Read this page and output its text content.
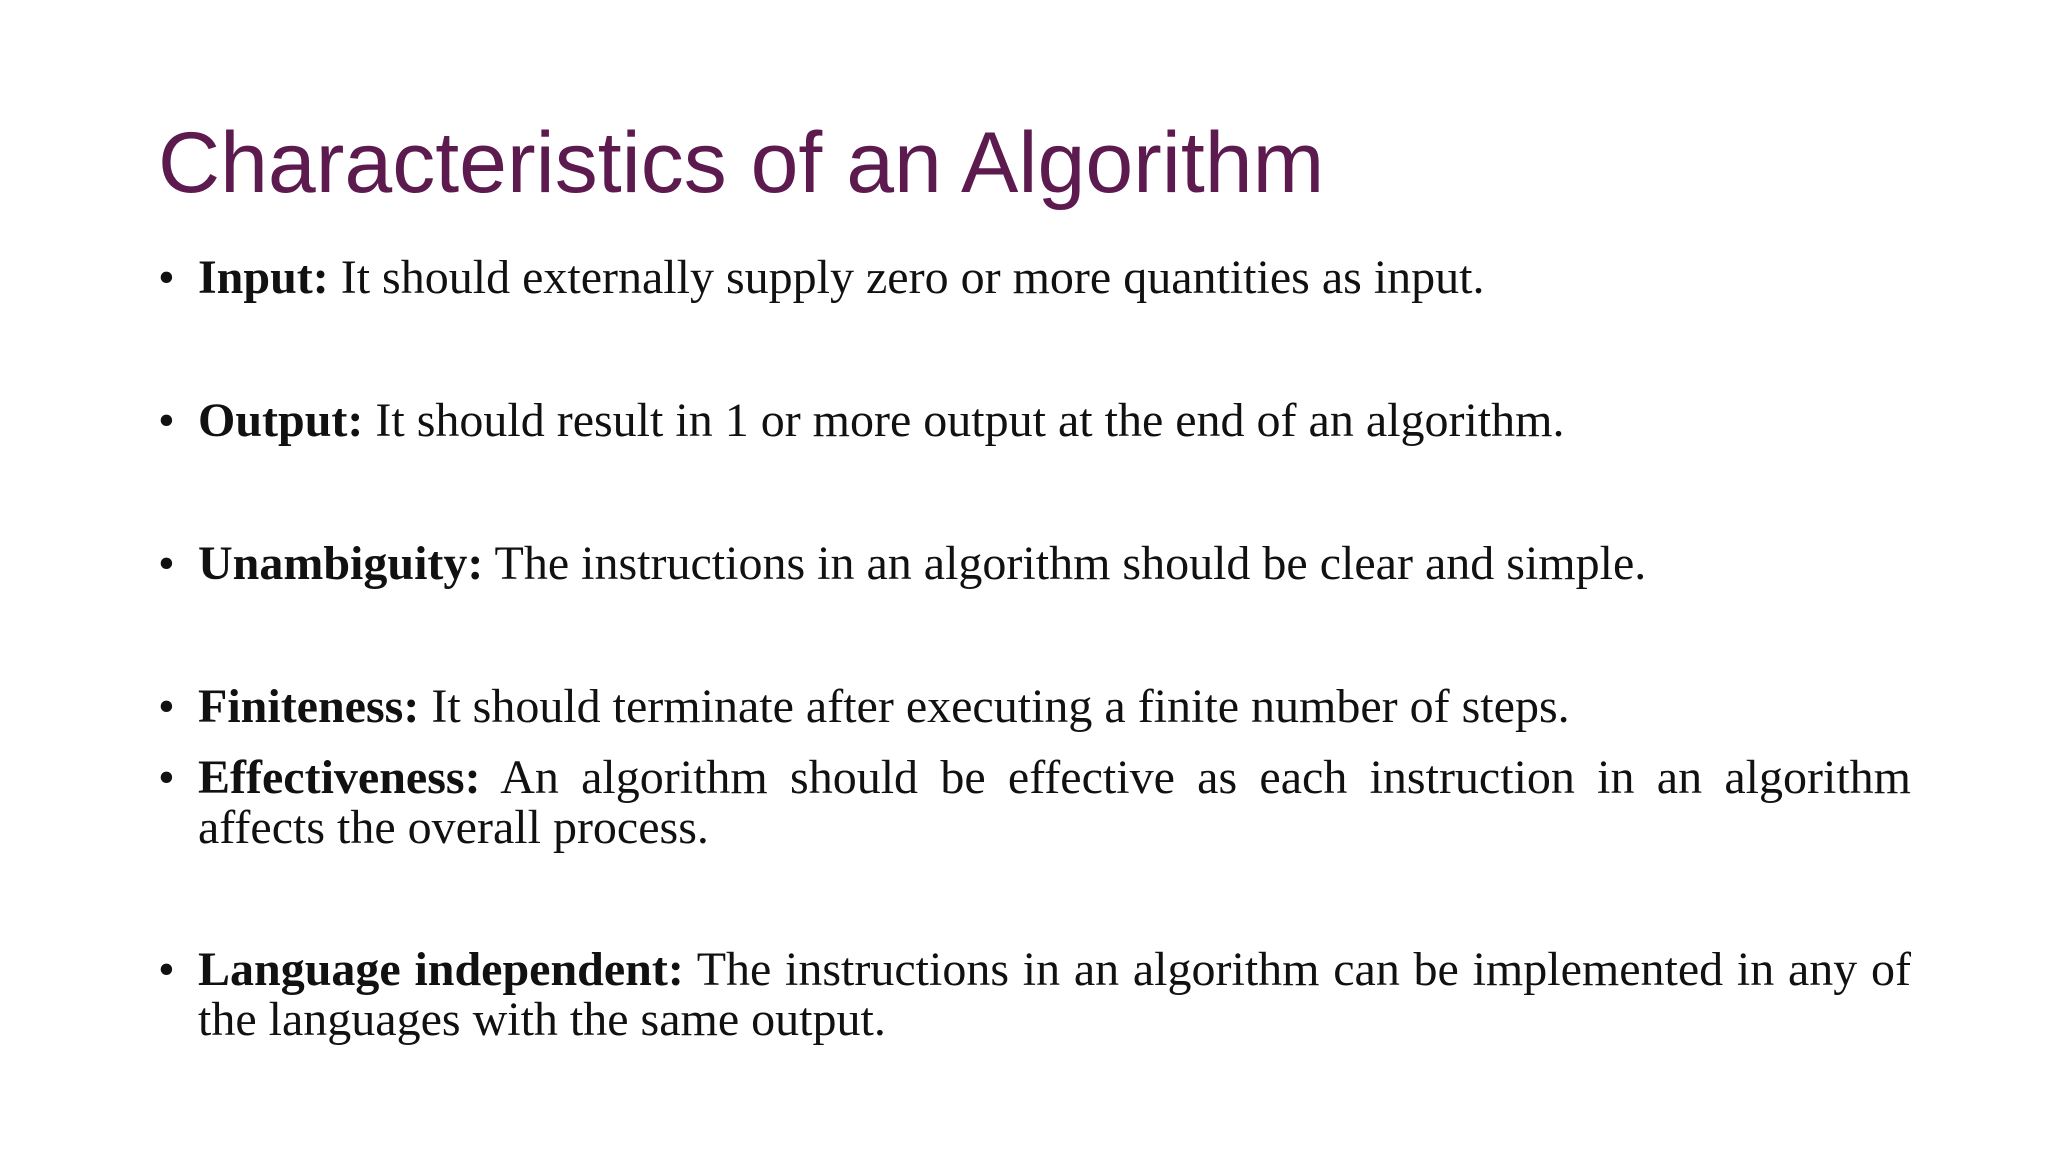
Characteristics of an Algorithm
• Input: It should externally supply zero or more quantities as input.
• Output: It should result in 1 or more output at the end of an algorithm.
• Unambiguity: The instructions in an algorithm should be clear and simple.
• Finiteness: It should terminate after executing a finite number of steps.
• Effectiveness: An algorithm should be effective as each instruction in an algorithm affects the overall process.
• Language independent: The instructions in an algorithm can be implemented in any of the languages with the same output.
